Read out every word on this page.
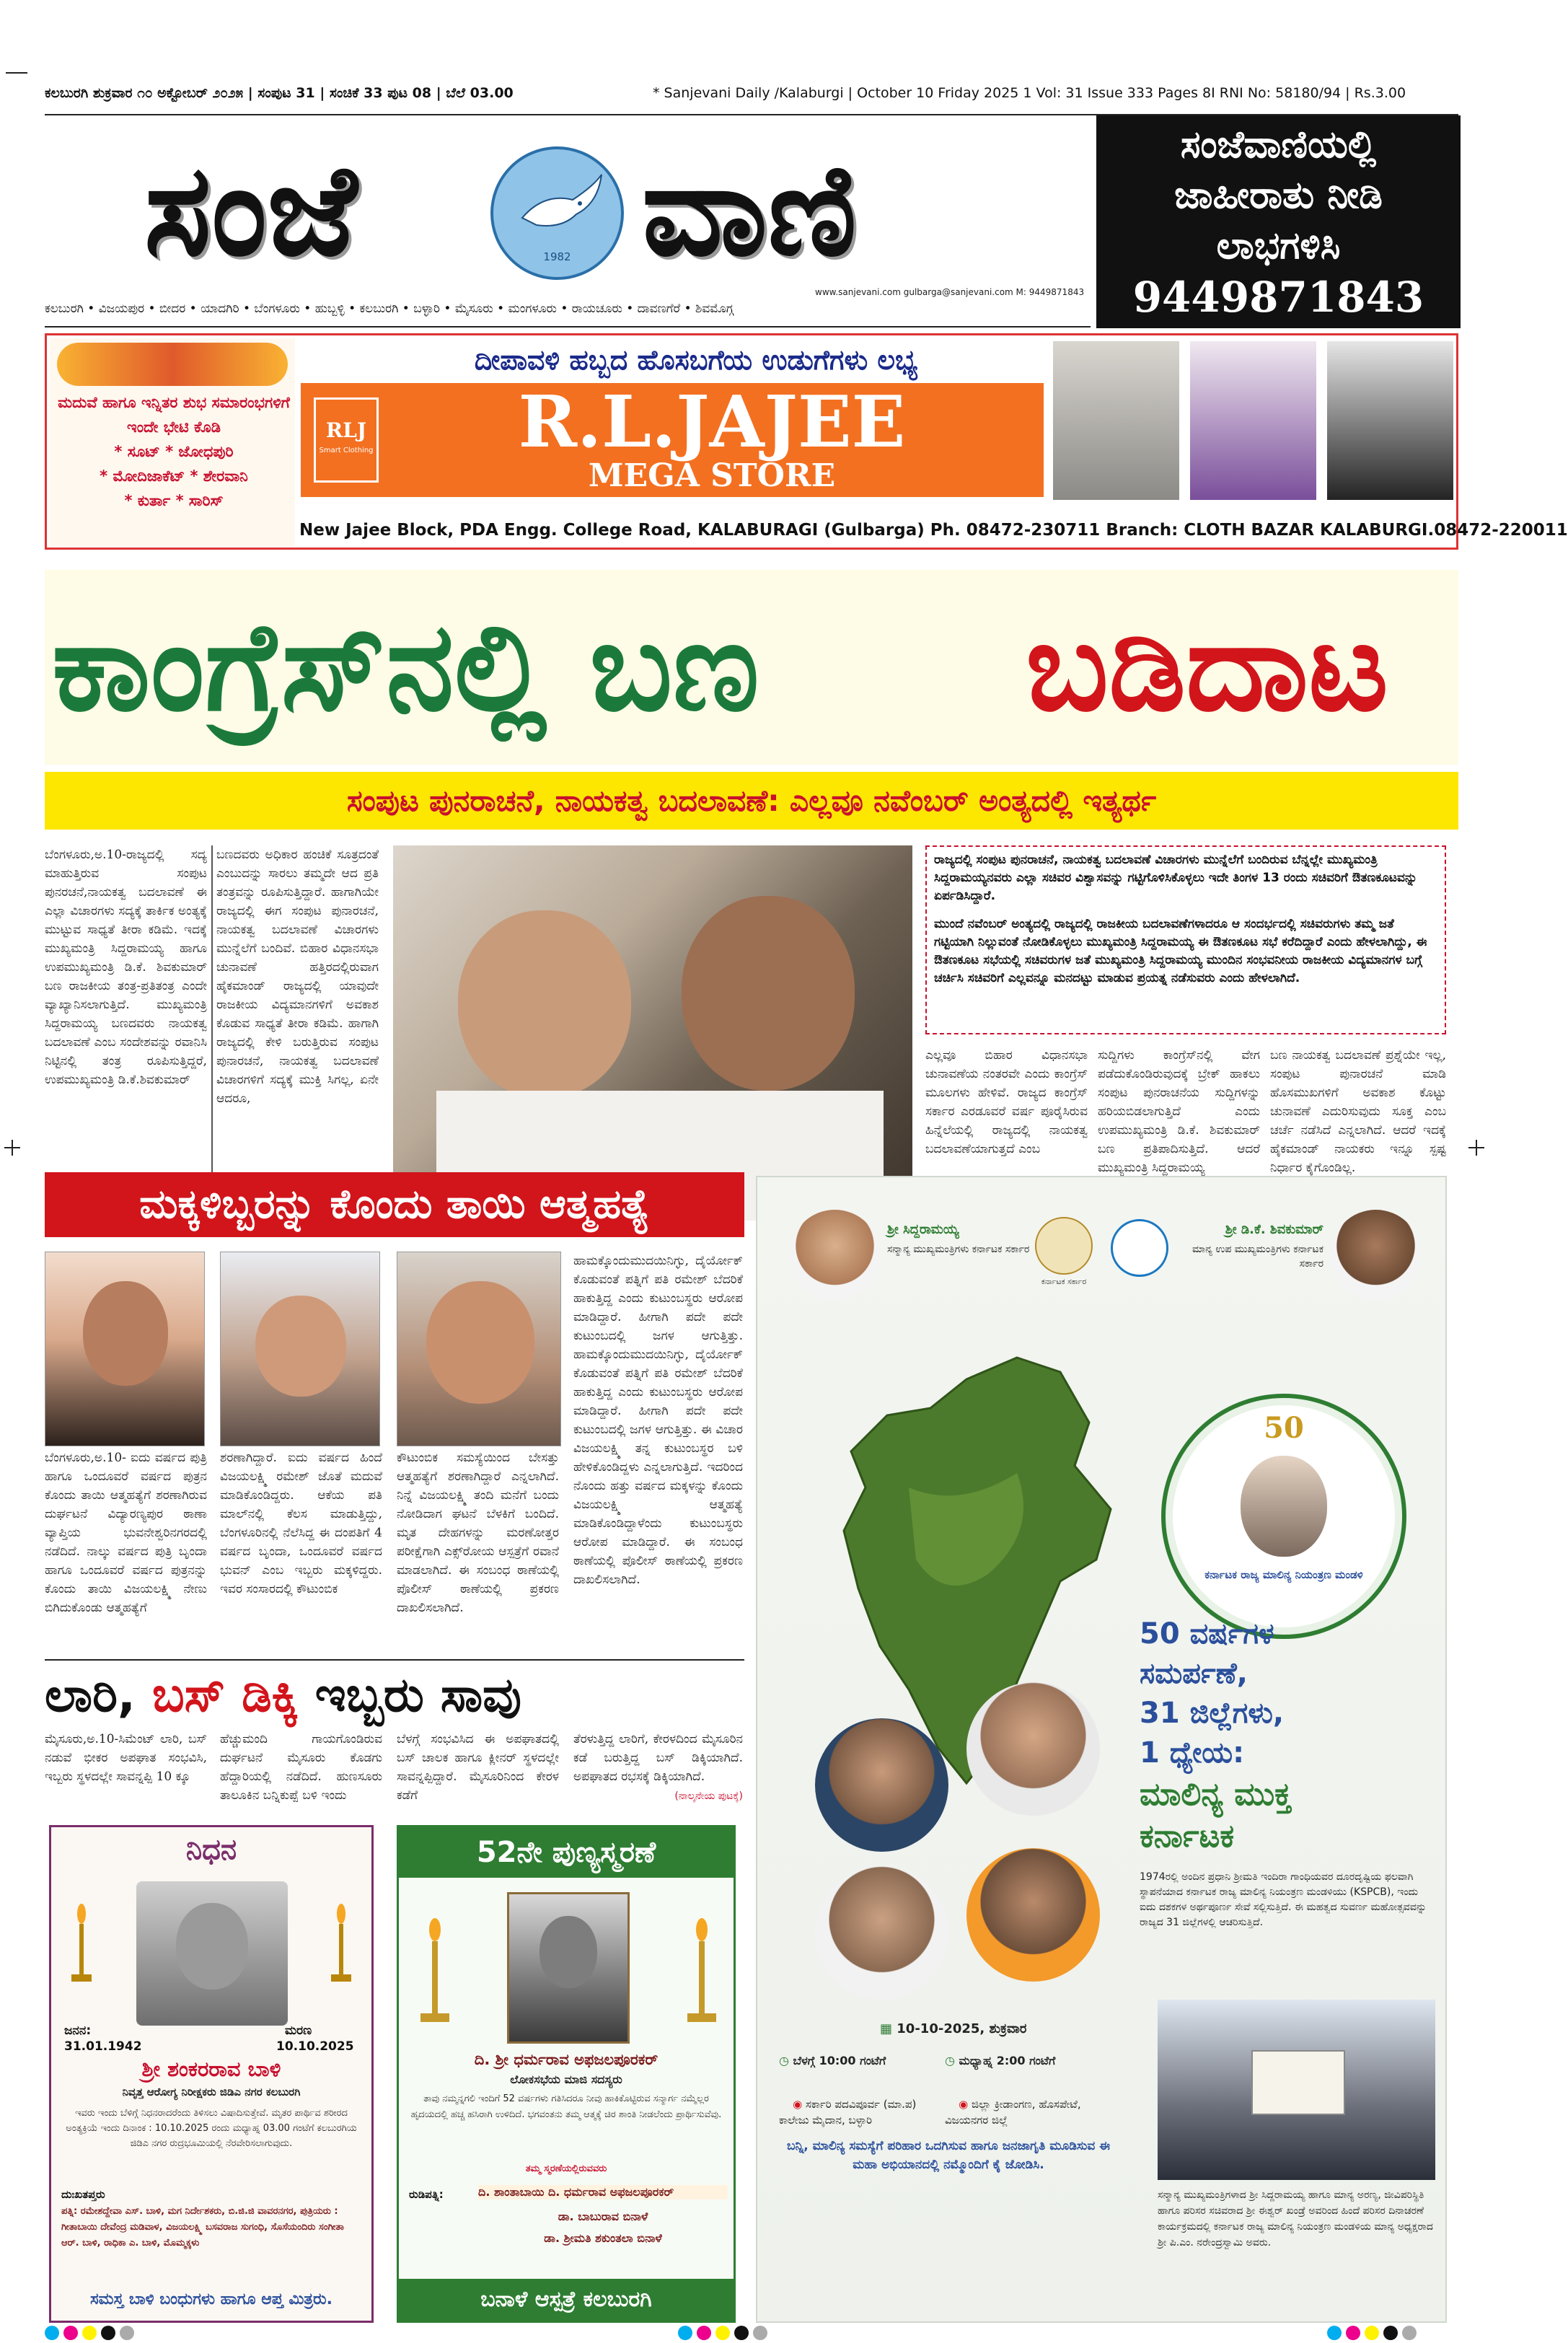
ಕಲಬುರಗಿ ಶುಕ್ರವಾರ ೧೦ ಅಕ್ಟೋಬರ್ ೨೦೨೫ | ಸಂಪುಟ 31 | ಸಂಚಿಕೆ 33 ಪುಟ 08 | ಬೆಲೆ 03.00	* Sanjevani Daily /Kalaburgi | October 10 Friday 2025 1 Vol: 31 Issue 333 Pages 8I RNI No: 58180/94 | Rs.3.00
ಸಂಜೆ	1982 ವಾಣಿ	ಸಂಜೆವಾಣಿಯಲ್ಲಿ
ಜಾಹೀರಾತು ನೀಡಿ
ಲಾಭಗಳಿಸಿ
9449871843
www.sanjevani.com gulbarga@sanjevani.com M: 9449871843
ಕಲಬುರಗಿ • ವಿಜಯಪುರ • ಬೀದರ • ಯಾದಗಿರಿ • ಬೆಂಗಳೂರು • ಹುಬ್ಬಳ್ಳಿ • ಕಲಬುರಗಿ • ಬಳ್ಳಾರಿ • ಮೈಸೂರು • ಮಂಗಳೂರು • ರಾಯಚೂರು • ದಾವಣಗೆರೆ • ಶಿವಮೊಗ್ಗ
ಮದುವೆ ಹಾಗೂ ಇನ್ನಿತರ ಶುಭ ಸಮಾರಂಭಗಳಿಗೆ ಇಂದೇ ಭೇಟಿ ಕೊಡಿ
* ಸೂಟ್ * ಜೋಧಪುರಿ
* ಮೋದಿಜಾಕೆಟ್ * ಶೇರವಾನಿ
* ಕುರ್ತಾ * ಸಾರಿಸ್
ದೀಪಾವಳಿ ಹಬ್ಬದ ಹೊಸಬಗೆಯ ಉಡುಗೆಗಳು ಲಭ್ಯ
RLJ
Smart Clothing	R.L.JAJEE
MEGA STORE
New Jajee Block, PDA Engg. College Road, KALABURAGI (Gulbarga) Ph. 08472-230711 Branch: CLOTH BAZAR KALABURGI.08472-220011
ಕಾಂಗ್ರೆಸ್‌ನಲ್ಲಿ ಬಣ ಬಡಿದಾಟ
ಸಂಪುಟ ಪುನರಾಚನೆ, ನಾಯಕತ್ವ ಬದಲಾವಣೆ: ಎಲ್ಲವೂ ನವೆಂಬರ್ ಅಂತ್ಯದಲ್ಲಿ ಇತ್ಯರ್ಥ
ಬೆಂಗಳೂರು,ಅ.10-ರಾಜ್ಯದಲ್ಲಿ ಸದ್ಯ ಮಾಹುತ್ತಿರುವ ಸಂಪುಟ ಪುನರಚನೆ,ನಾಯಕತ್ವ ಬದಲಾವಣೆ ಈ ಎಲ್ಲಾ ವಿಚಾರಗಳು ಸದ್ಯಕ್ಕೆ ತಾರ್ಕಿಕ ಅಂತ್ಯಕ್ಕೆ ಮುಟ್ಟುವ ಸಾಧ್ಯತೆ ತೀರಾ ಕಡಿಮೆ. ಇದಕ್ಕೆ ಮುಖ್ಯಮಂತ್ರಿ ಸಿದ್ದರಾಮಯ್ಯ ಹಾಗೂ ಉಪಮುಖ್ಯಮಂತ್ರಿ ಡಿ.ಕೆ. ಶಿವಕುಮಾರ್ ಬಣ ರಾಜಕೀಯ ತಂತ್ರ-ಪ್ರತಿತಂತ್ರ ಎಂದೇ ವ್ಯಾಖ್ಯಾನಿಸಲಾಗುತ್ತಿದೆ. ಮುಖ್ಯಮಂತ್ರಿ ಸಿದ್ದರಾಮಯ್ಯ ಬಣದವರು ನಾಯಕತ್ವ ಬದಲಾವಣೆ ಎಂಬ ಸಂದೇಶವನ್ನು ರವಾನಿಸಿ ನಿಟ್ಟಿನಲ್ಲಿ ತಂತ್ರ ರೂಪಿಸುತ್ತಿದ್ದರೆ, ಉಪಮುಖ್ಯಮಂತ್ರಿ ಡಿ.ಕೆ.ಶಿವಕುಮಾರ್
ಬಣದವರು ಅಧಿಕಾರ ಹಂಚಿಕೆ ಸೂತ್ರದಂತೆ ಎಂಬುದನ್ನು ಸಾರಲು ತಮ್ಮದೇ ಆದ ಪ್ರತಿ ತಂತ್ರವನ್ನು ರೂಪಿಸುತ್ತಿದ್ದಾರೆ. ಹಾಗಾಗಿಯೇ ರಾಜ್ಯದಲ್ಲಿ ಈಗ ಸಂಪುಟ ಪುನಾರಚನೆ, ನಾಯಕತ್ವ ಬದಲಾವಣೆ ವಿಚಾರಗಳು ಮುನ್ನೆಲೆಗೆ ಬಂದಿವೆ. ಬಿಹಾರ ವಿಧಾನಸಭಾ ಚುನಾವಣೆ ಹತ್ತಿರದಲ್ಲಿರುವಾಗ ಹೈಕಮಾಂಡ್ ರಾಜ್ಯದಲ್ಲಿ ಯಾವುದೇ ರಾಜಕೀಯ ವಿದ್ಯಮಾನಗಳಿಗೆ ಅವಕಾಶ ಕೊಡುವ ಸಾಧ್ಯತೆ ತೀರಾ ಕಡಿಮೆ. ಹಾಗಾಗಿ ರಾಜ್ಯದಲ್ಲಿ ಕೇಳಿ ಬರುತ್ತಿರುವ ಸಂಪುಟ ಪುನಾರಚನೆ, ನಾಯಕತ್ವ ಬದಲಾವಣೆ ವಿಚಾರಗಳಿಗೆ ಸದ್ಯಕ್ಕೆ ಮುಕ್ತಿ ಸಿಗಲ್ಲ, ಏನೇ ಆದರೂ,
ರಾಜ್ಯದಲ್ಲಿ ಸಂಪುಟ ಪುನರಾಚನೆ, ನಾಯಕತ್ವ ಬದಲಾವಣೆ ವಿಚಾರಗಳು ಮುನ್ನೆಲೆಗೆ ಬಂದಿರುವ ಬೆನ್ನಲ್ಲೇ ಮುಖ್ಯಮಂತ್ರಿ ಸಿದ್ದರಾಮಯ್ಯನವರು ಎಲ್ಲಾ ಸಚಿವರ ವಿಶ್ವಾಸವನ್ನು ಗಟ್ಟಿಗೊಳಿಸಿಕೊಳ್ಳಲು ಇದೇ ತಿಂಗಳ 13 ರಂದು ಸಚಿವರಿಗೆ ಔತಣಕೂಟವನ್ನು ಏರ್ಪಡಿಸಿದ್ದಾರೆ.
ಮುಂದೆ ನವೆಂಬರ್ ಅಂತ್ಯದಲ್ಲಿ ರಾಜ್ಯದಲ್ಲಿ ರಾಜಕೀಯ ಬದಲಾವಣೆಗಳಾದರೂ ಆ ಸಂದರ್ಭದಲ್ಲಿ ಸಚಿವರುಗಳು ತಮ್ಮ ಜತೆ ಗಟ್ಟಿಯಾಗಿ ನಿಲ್ಲುವಂತೆ ನೋಡಿಕೊಳ್ಳಲು ಮುಖ್ಯಮಂತ್ರಿ ಸಿದ್ದರಾಮಯ್ಯ ಈ ಔತಣಕೂಟ ಸಭೆ ಕರೆದಿದ್ದಾರೆ ಎಂದು ಹೇಳಲಾಗಿದ್ದು, ಈ ಔತಣಕೂಟ ಸಭೆಯಲ್ಲಿ ಸಚಿವರುಗಳ ಜತೆ ಮುಖ್ಯಮಂತ್ರಿ ಸಿದ್ದರಾಮಯ್ಯ ಮುಂದಿನ ಸಂಭವನೀಯ ರಾಜಕೀಯ ವಿದ್ಯಮಾನಗಳ ಬಗ್ಗೆ ಚರ್ಚಿಸಿ ಸಚಿವರಿಗೆ ಎಲ್ಲವನ್ನೂ ಮನದಟ್ಟು ಮಾಡುವ ಪ್ರಯತ್ನ ನಡೆಸುವರು ಎಂದು ಹೇಳಲಾಗಿದೆ.
ಎಲ್ಲವೂ ಬಿಹಾರ ವಿಧಾನಸಭಾ ಚುನಾವಣೆಯ ನಂತರವೇ ಎಂದು ಕಾಂಗ್ರೆಸ್ ಮೂಲಗಳು ಹೇಳಿವೆ. ರಾಜ್ಯದ ಕಾಂಗ್ರೆಸ್ ಸರ್ಕಾರ ಎರಡೂವರೆ ವರ್ಷ ಪೂರೈಸಿರುವ ಹಿನ್ನೆಲೆಯಲ್ಲಿ ರಾಜ್ಯದಲ್ಲಿ ನಾಯಕತ್ವ ಬದಲಾವಣೆಯಾಗುತ್ತದೆ ಎಂಬ
ಸುದ್ದಿಗಳು ಕಾಂಗ್ರೆಸ್‌ನಲ್ಲಿ ವೇಗ ಪಡೆದುಕೊಂಡಿರುವುದಕ್ಕೆ ಬ್ರೇಕ್ ಹಾಕಲು ಸಂಪುಟ ಪುನರಾಚನೆಯ ಸುದ್ದಿಗಳನ್ನು ಹರಿಯಬಿಡಲಾಗುತ್ತಿದೆ ಎಂದು ಉಪಮುಖ್ಯಮಂತ್ರಿ ಡಿ.ಕೆ. ಶಿವಕುಮಾರ್ ಬಣ ಪ್ರತಿಪಾದಿಸುತ್ತಿದೆ. ಆದರೆ ಮುಖ್ಯಮಂತ್ರಿ ಸಿದ್ದರಾಮಯ್ಯ
ಬಣ ನಾಯಕತ್ವ ಬದಲಾವಣೆ ಪ್ರಶ್ನೆಯೇ ಇಲ್ಲ, ಸಂಪುಟ ಪುನಾರಚನೆ ಮಾಡಿ ಹೊಸಮುಖಗಳಿಗೆ ಅವಕಾಶ ಕೊಟ್ಟು ಚುನಾವಣೆ ಎದುರಿಸುವುದು ಸೂಕ್ತ ಎಂಬ ಚರ್ಚೆ ನಡೆಸಿದೆ ಎನ್ನಲಾಗಿದೆ. ಆದರೆ ಇದಕ್ಕೆ ಹೈಕಮಾಂಡ್ ನಾಯಕರು ಇನ್ನೂ ಸ್ಪಷ್ಟ ನಿರ್ಧಾರ ಕೈಗೊಂಡಿಲ್ಲ.
ಮಕ್ಕಳಿಬ್ಬರನ್ನು ಕೊಂದು ತಾಯಿ ಆತ್ಮಹತ್ಯೆ
ಬೆಂಗಳೂರು,ಅ.10- ಐದು ವರ್ಷದ ಪುತ್ರಿ ಹಾಗೂ ಒಂದೂವರೆ ವರ್ಷದ ಪುತ್ರನ ಕೊಂದು ತಾಯಿ ಆತ್ಮಹತ್ಯೆಗೆ ಶರಣಾಗಿರುವ ದುರ್ಘಟನೆ ವಿದ್ಯಾರಣ್ಯಪುರ ಠಾಣಾ ವ್ಯಾಪ್ತಿಯ ಭುವನೇಶ್ವರಿನಗರದಲ್ಲಿ ನಡೆದಿದೆ. ನಾಲ್ಕು ವರ್ಷದ ಪುತ್ರಿ ಬೃಂದಾ ಹಾಗೂ ಒಂದೂವರೆ ವರ್ಷದ ಪುತ್ರನನ್ನು ಕೊಂದು ತಾಯಿ ವಿಜಯಲಕ್ಷ್ಮಿ ನೇಣು ಬಿಗಿದುಕೊಂಡು ಆತ್ಮಹತ್ಯೆಗೆ
ಶರಣಾಗಿದ್ದಾರೆ. ಐದು ವರ್ಷದ ಹಿಂದೆ ವಿಜಯಲಕ್ಷ್ಮಿ ರಮೇಶ್ ಜೊತೆ ಮದುವೆ ಮಾಡಿಕೊಂಡಿದ್ದರು. ಆಕೆಯ ಪತಿ ಮಾಲ್‌ನಲ್ಲಿ ಕೆಲಸ ಮಾಡುತ್ತಿದ್ದು, ಬೆಂಗಳೂರಿನಲ್ಲಿ ನೆಲೆಸಿದ್ದ ಈ ದಂಪತಿಗೆ 4 ವರ್ಷದ ಬೃಂದಾ, ಒಂದೂವರೆ ವರ್ಷದ ಭುವನ್ ಎಂಬ ಇಬ್ಬರು ಮಕ್ಕಳಿದ್ದರು. ಇವರ ಸಂಸಾರದಲ್ಲಿ ಕೌಟುಂಬಿಕ
ಕೌಟುಂಬಿಕ ಸಮಸ್ಯೆಯಿಂದ ಬೇಸತ್ತು ಆತ್ಮಹತ್ಯೆಗೆ ಶರಣಾಗಿದ್ದಾರೆ ಎನ್ನಲಾಗಿದೆ. ನಿನ್ನೆ ವಿಜಯಲಕ್ಷ್ಮಿ ತಂದಿ ಮನೆಗೆ ಬಂದು ನೋಡಿದಾಗ ಘಟನೆ ಬೆಳಕಿಗೆ ಬಂದಿದೆ. ಮೃತ ದೇಹಗಳನ್ನು ಮರಣೋತ್ತರ ಪರೀಕ್ಷೆಗಾಗಿ ಎಕ್ಸ್‌ರೋಯ ಆಸ್ಪತ್ರೆಗೆ ರವಾನೆ ಮಾಡಲಾಗಿದೆ. ಈ ಸಂಬಂಧ ಠಾಣೆಯಲ್ಲಿ ಪೊಲೀಸ್ ಠಾಣೆಯಲ್ಲಿ ಪ್ರಕರಣ ದಾಖಲಿಸಲಾಗಿದೆ.
ಹಾಮಕ್ಕೊಂದುಮುದಯಿನಿಗ್ಳು, ದೈರ್ಯೋಕ್ ಕೊಡುವಂತೆ ಪತ್ನಿಗೆ ಪತಿ ರಮೇಶ್ ಬೆದರಿಕೆ ಹಾಕುತ್ತಿದ್ದ ಎಂದು ಕುಟುಂಬಸ್ಥರು ಆರೋಪ ಮಾಡಿದ್ದಾರೆ. ಹೀಗಾಗಿ ಪದೇ ಪದೇ ಕುಟುಂಬದಲ್ಲಿ ಜಗಳ ಆಗುತ್ತಿತ್ತು. ಹಾಮಕ್ಕೊಂದುಮುದಯಿನಿಗ್ಳು, ದೈರ್ಯೋಕ್ ಕೊಡುವಂತೆ ಪತ್ನಿಗೆ ಪತಿ ರಮೇಶ್ ಬೆದರಿಕೆ ಹಾಕುತ್ತಿದ್ದ ಎಂದು ಕುಟುಂಬಸ್ಥರು ಆರೋಪ ಮಾಡಿದ್ದಾರೆ. ಹೀಗಾಗಿ ಪದೇ ಪದೇ ಕುಟುಂಬದಲ್ಲಿ ಜಗಳ ಆಗುತ್ತಿತ್ತು. ಈ ವಿಚಾರ ವಿಜಯಲಕ್ಷ್ಮಿ ತನ್ನ ಕುಟುಂಬಸ್ಥರ ಬಳಿ ಹೇಳಿಕೊಂಡಿದ್ದಳು ಎನ್ನಲಾಗುತ್ತಿದೆ. ಇದರಿಂದ ನೊಂದು ಹತ್ತು ವರ್ಷದ ಮಕ್ಕಳನ್ನು ಕೊಂದು ವಿಜಯಲಕ್ಷ್ಮಿ ಆತ್ಮಹತ್ಯೆ ಮಾಡಿಕೊಂಡಿದ್ದಾಳೆಂದು ಕುಟುಂಬಸ್ಥರು ಆರೋಪ ಮಾಡಿದ್ದಾರೆ. ಈ ಸಂಬಂಧ ಠಾಣೆಯಲ್ಲಿ ಪೊಲೀಸ್ ಠಾಣೆಯಲ್ಲಿ ಪ್ರಕರಣ ದಾಖಲಿಸಲಾಗಿದೆ.
ಲಾರಿ, ಬಸ್ ಡಿಕ್ಕಿ ಇಬ್ಬರು ಸಾವು
ಮೈಸೂರು,ಅ.10-ಸಿಮೆಂಟ್ ಲಾರಿ, ಬಸ್ ನಡುವೆ ಭೀಕರ ಅಪಘಾತ ಸಂಭವಿಸಿ, ಇಬ್ಬರು ಸ್ಥಳದಲ್ಲೇ ಸಾವನ್ನಪ್ಪಿ 10 ಕ್ಕೂ
ಹೆಚ್ಚುಮಂದಿ ಗಾಯಗೊಂಡಿರುವ ದುರ್ಘಟನೆ ಮೈಸೂರು ಕೊಡಗು ಹೆದ್ದಾರಿಯಲ್ಲಿ ನಡೆದಿದೆ. ಹುಣಸೂರು ತಾಲೂಕಿನ ಬನ್ನಿಕುಪ್ಪೆ ಬಳಿ ಇಂದು
ಬೆಳಗ್ಗೆ ಸಂಭವಿಸಿದ ಈ ಅಪಘಾತದಲ್ಲಿ ಬಸ್ ಚಾಲಕ ಹಾಗೂ ಕ್ಲೀನರ್ ಸ್ಥಳದಲ್ಲೇ ಸಾವನ್ನಪ್ಪಿದ್ದಾರೆ. ಮೈಸೂರಿನಿಂದ ಕೇರಳ ಕಡೆಗೆ
ತೆರಳುತ್ತಿದ್ದ ಲಾರಿಗೆ, ಕೇರಳದಿಂದ ಮೈಸೂರಿನ ಕಡೆ ಬರುತ್ತಿದ್ದ ಬಸ್ ಡಿಕ್ಕಿಯಾಗಿದೆ. ಅಪಘಾತದ ರಭಸಕ್ಕೆ ಡಿಕ್ಕಿಯಾಗಿದೆ.
(ನಾಲ್ಕನೇಯ ಪುಟಕ್ಕೆ)
ನಿಧನ
ಜನನ:
31.01.1942
ಮರಣ
10.10.2025
ಶ್ರೀ ಶಂಕರರಾವ ಬಾಳಿ
ನಿವೃತ್ತ ಆರೋಗ್ಯ ನಿರೀಕ್ಷಕರು ಜಿಡಿಎ ನಗರ ಕಲಬುರಗಿ
ಇವರು ಇಂದು ಬೆಳಿಗ್ಗೆ ನಿಧನರಾದರೆಂದು ತಿಳಿಸಲು ವಿಷಾದಿಸುತ್ತೇವೆ. ಮೃತರ ಪಾರ್ಥಿವ ಶರೀರದ ಅಂತ್ಯಕ್ರಿಯೆ ಇಂದು ದಿನಾಂಕ : 10.10.2025 ರಂದು ಮಧ್ಯಾಹ್ನ 03.00 ಗಂಟೆಗೆ ಕಲಬುರಗಿಯ ಜಿಡಿಎ ನಗರ ರುದ್ರಭೂಮಿಯಲ್ಲಿ ನೆರವೇರಿಸಲಾಗುವುದು.
ದುಃಖತಪ್ತರು
ಪತ್ನಿ: ರಮೇಶದ್ದೇವಾ ಎಸ್. ಬಾಳಿ, ಮಗ ನಿರ್ದೇಶಕರು, ಬಿ.ಜಿ.ಜಿ ವಾವರನಗರ, ಪುತ್ರಿಯರು : ಗೀತಾಬಾಯಿ ದೇವೆಂದ್ರ ಮಡಿವಾಳ, ವಿಜಯಲಕ್ಷ್ಮಿ ಬಸವರಾಜ ಸುಗಂಧಿ, ಸೊಸೆಯಂದಿರು ಸಂಗೀತಾ ಆರ್. ಬಾಳಿ, ರಾಧಿಕಾ ಎ. ಬಾಳಿ, ಮೊಮ್ಮಕ್ಕಳು
ಸಮಸ್ತ ಬಾಳಿ ಬಂಧುಗಳು ಹಾಗೂ ಆಪ್ತ ಮಿತ್ರರು.
52ನೇ ಪುಣ್ಯಸ್ಮರಣೆ
ದಿ. ಶ್ರೀ ಧರ್ಮರಾವ ಅಫಜಲಪೂರಕರ್
ಲೋಕಸಭೆಯ ಮಾಜಿ ಸದಸ್ಯರು
ತಾವು ನಮ್ಮನ್ನಗಲಿ ಇಂದಿಗೆ 52 ವರ್ಷಗಳು ಗತಿಸಿದರೂ ನೀವು ಹಾಕಿಕೊಟ್ಟಿರುವ ಸನ್ಮಾರ್ಗ ನಮ್ಮೆಲ್ಲರ ಹೃದಯದಲ್ಲಿ ಹಚ್ಚ ಹಸಿರಾಗಿ ಉಳಿದಿದೆ. ಭಗವಂತನು ತಮ್ಮ ಆತ್ಮಕ್ಕೆ ಚಿರ ಶಾಂತಿ ನೀಡಲೆಂದು ಪ್ರಾರ್ಥಿಸುವೆವು.
ತಮ್ಮ ಸ್ಮರಣೆಯಲ್ಲಿರುವವರು
ರುಡಿಪತ್ನಿ:	ದಿ. ಶಾಂತಾಬಾಯಿ ದಿ. ಧರ್ಮರಾವ ಅಫಜಲಪೂರಕರ್
ಡಾ. ಬಾಬುರಾವ ಬಿನಾಳೆ
ಡಾ. ಶ್ರೀಮತಿ ಶಕುಂತಲಾ ಬಿನಾಳೆ
ಬನಾಳೆ ಆಸ್ಪತ್ರೆ ಕಲಬುರಗಿ
ಶ್ರೀ ಸಿದ್ದರಾಮಯ್ಯ
ಸನ್ಮಾನ್ಯ ಮುಖ್ಯಮಂತ್ರಿಗಳು ಕರ್ನಾಟಕ ಸರ್ಕಾರ
ಕರ್ನಾಟಕ ಸರ್ಕಾರ
ಶ್ರೀ ಡಿ.ಕೆ. ಶಿವಕುಮಾರ್
ಮಾನ್ಯ ಉಪ ಮುಖ್ಯಮಂತ್ರಿಗಳು ಕರ್ನಾಟಕ ಸರ್ಕಾರ
50
ಕರ್ನಾಟಕ ರಾಜ್ಯ ಮಾಲಿನ್ಯ ನಿಯಂತ್ರಣ ಮಂಡಳಿ
50 ವರ್ಷಗಳ
ಸಮರ್ಪಣೆ,
31 ಜಿಲ್ಲೆಗಳು,
1 ಧ್ಯೇಯ:
ಮಾಲಿನ್ಯ ಮುಕ್ತ
ಕರ್ನಾಟಕ
1974ರಲ್ಲಿ ಅಂದಿನ ಪ್ರಧಾನಿ ಶ್ರೀಮತಿ ಇಂದಿರಾ ಗಾಂಧಿಯವರ ದೂರದೃಷ್ಟಿಯ ಫಲವಾಗಿ ಸ್ಥಾಪನೆಯಾದ ಕರ್ನಾಟಕ ರಾಜ್ಯ ಮಾಲಿನ್ಯ ನಿಯಂತ್ರಣ ಮಂಡಳಿಯು (KSPCB), ಇಂದು ಐದು ದಶಕಗಳ ಅರ್ಥಪೂರ್ಣ ಸೇವೆ ಸಲ್ಲಿಸುತ್ತಿದೆ. ಈ ಮಹತ್ವದ ಸುವರ್ಣ ಮಹೋತ್ಸವವನ್ನು ರಾಜ್ಯದ 31 ಜಿಲ್ಲೆಗಳಲ್ಲಿ ಆಚರಿಸುತ್ತಿದೆ.
▦ 10-10-2025, ಶುಕ್ರವಾರ
◷ ಬೆಳಗ್ಗೆ 10:00 ಗಂಟೆಗೆ	◷ ಮಧ್ಯಾಹ್ನ 2:00 ಗಂಟೆಗೆ

◉ ಸರ್ಕಾರಿ ಪದವಿಪೂರ್ವ (ಮಾ.ಪ) ಕಾಲೇಜು ಮೈದಾನ, ಬಳ್ಳಾರಿ

◉ ಜಿಲ್ಲಾ ಕ್ರೀಡಾಂಗಣ, ಹೊಸಪೇಟೆ, ವಿಜಯನಗರ ಜಿಲ್ಲೆ

ಬನ್ನಿ, ಮಾಲಿನ್ಯ ಸಮಸ್ಯೆಗೆ ಪರಿಹಾರ ಒದಗಿಸುವ ಹಾಗೂ ಜನಜಾಗೃತಿ ಮೂಡಿಸುವ ಈ ಮಹಾ ಅಭಿಯಾನದಲ್ಲಿ ನಮ್ಮೊಂದಿಗೆ ಕೈ ಜೋಡಿಸಿ.
ಸನ್ಮಾನ್ಯ ಮುಖ್ಯಮಂತ್ರಿಗಳಾದ ಶ್ರೀ ಸಿದ್ದರಾಮಯ್ಯ ಹಾಗೂ ಮಾನ್ಯ ಅರಣ್ಯ, ಜೀವಿಪರಿಸ್ಥಿತಿ ಹಾಗೂ ಪರಿಸರ ಸಚಿವರಾದ ಶ್ರೀ ಈಶ್ವರ್ ಖಂಡ್ರೆ ಅವರಿಂದ ಹಿಂದೆ ಪರಿಸರ ದಿನಾಚರಣೆ ಕಾರ್ಯಕ್ರಮದಲ್ಲಿ ಕರ್ನಾಟಕ ರಾಜ್ಯ ಮಾಲಿನ್ಯ ನಿಯಂತ್ರಣ ಮಂಡಳಿಯ ಮಾನ್ಯ ಅಧ್ಯಕ್ಷರಾದ ಶ್ರೀ ಪಿ.ಎಂ. ನರೇಂದ್ರಸ್ವಾಮಿ ಅವರು.
